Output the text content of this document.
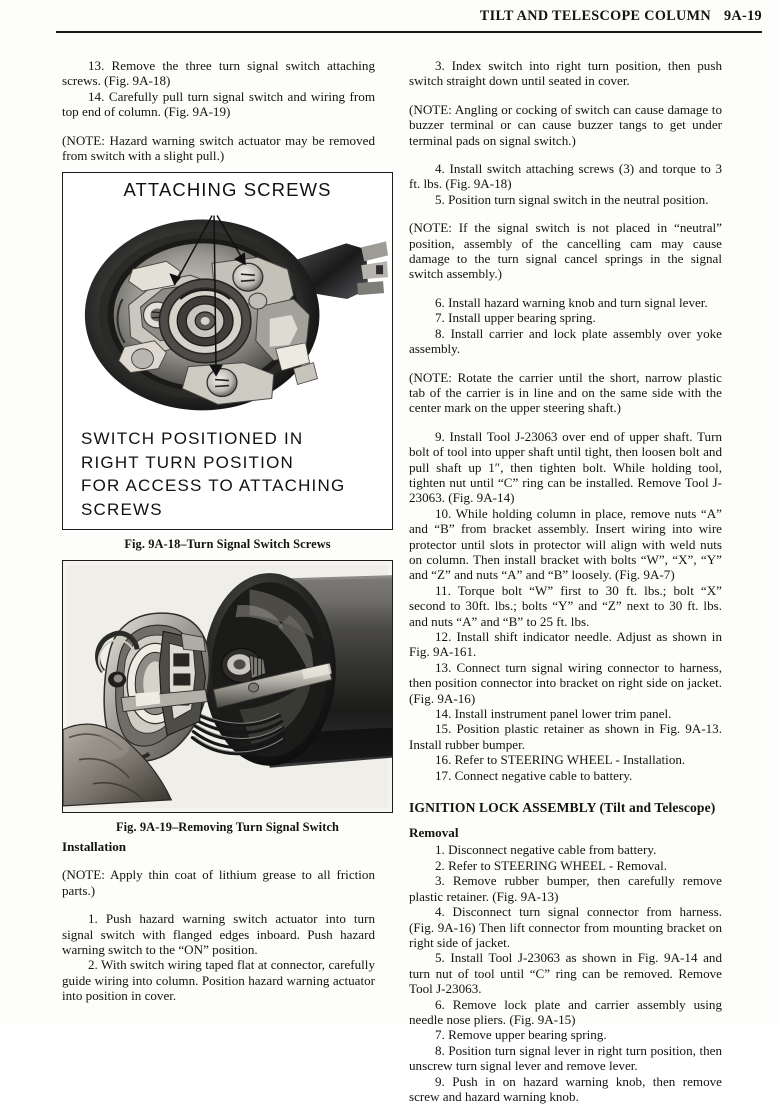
TILT AND TELESCOPE COLUMN 9A-19

13. Remove the three turn signal switch attaching screws. (Fig. 9A-18)

14. Carefully pull turn signal switch and wiring from top end of column. (Fig. 9A-19)

(NOTE: Hazard warning switch actuator may be removed from switch with a slight pull.)

ATTACHING SCREWS
SWITCH POSITIONED IN
RIGHT TURN POSITION
FOR ACCESS TO ATTACHING
SCREWS
Fig. 9A-18–Turn Signal Switch Screws
Fig. 9A-19–Removing Turn Signal Switch
Installation

(NOTE: Apply thin coat of lithium grease to all friction parts.)

1. Push hazard warning switch actuator into turn signal switch with flanged edges inboard. Push hazard warning switch to the “ON” position.

2. With switch wiring taped flat at connector, carefully guide wiring into column. Position hazard warning actuator into position in cover.

3. Index switch into right turn position, then push switch straight down until seated in cover.

(NOTE: Angling or cocking of switch can cause damage to buzzer terminal or can cause buzzer tangs to get under terminal pads on signal switch.)

4. Install switch attaching screws (3) and torque to 3 ft. lbs. (Fig. 9A-18)

5. Position turn signal switch in the neutral position.

(NOTE: If the signal switch is not placed in “neutral” position, assembly of the cancelling cam may cause damage to the turn signal cancel springs in the signal switch assembly.)

6. Install hazard warning knob and turn signal lever.

7. Install upper bearing spring.

8. Install carrier and lock plate assembly over yoke assembly.

(NOTE: Rotate the carrier until the short, narrow plastic tab of the carrier is in line and on the same side with the center mark on the upper steering shaft.)

9. Install Tool J-23063 over end of upper shaft. Turn bolt of tool into upper shaft until tight, then loosen bolt and pull shaft up 1″, then tighten bolt. While holding tool, tighten nut until “C” ring can be installed. Remove Tool J-23063. (Fig. 9A-14)

10. While holding column in place, remove nuts “A” and “B” from bracket assembly. Insert wiring into wire protector until slots in protector will align with weld nuts on column. Then install bracket with bolts “W”, “X”, “Y” and “Z” and nuts “A” and “B” loosely. (Fig. 9A-7)

11. Torque bolt “W” first to 30 ft. lbs.; bolt “X” second to 30ft. lbs.; bolts “Y” and “Z” next to 30 ft. lbs. and nuts “A” and “B” to 25 ft. lbs.

12. Install shift indicator needle. Adjust as shown in Fig. 9A-161.

13. Connect turn signal wiring connector to harness, then position connector into bracket on right side on jacket. (Fig. 9A-16)

14. Install instrument panel lower trim panel.

15. Position plastic retainer as shown in Fig. 9A-13. Install rubber bumper.

16. Refer to STEERING WHEEL - Installation.

17. Connect negative cable to battery.

IGNITION LOCK ASSEMBLY (Tilt and Telescope)
Removal

1. Disconnect negative cable from battery.

2. Refer to STEERING WHEEL - Removal.

3. Remove rubber bumper, then carefully remove plastic retainer. (Fig. 9A-13)

4. Disconnect turn signal connector from harness. (Fig. 9A-16) Then lift connector from mounting bracket on right side of jacket.

5. Install Tool J-23063 as shown in Fig. 9A-14 and turn nut of tool until “C” ring can be removed. Remove Tool J-23063.

6. Remove lock plate and carrier assembly using needle nose pliers. (Fig. 9A-15)

7. Remove upper bearing spring.

8. Position turn signal lever in right turn position, then unscrew turn signal lever and remove lever.

9. Push in on hazard warning knob, then remove screw and hazard warning knob.
